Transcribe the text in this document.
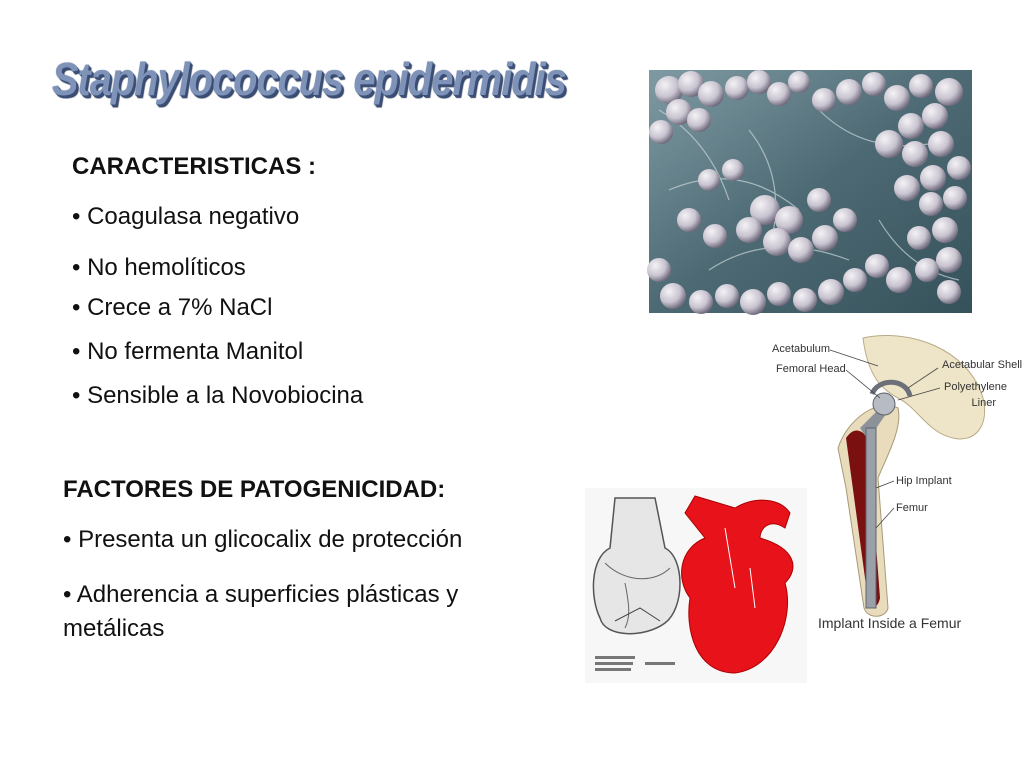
Staphylococcus epidermidis
CARACTERISTICAS :
• Coagulasa negativo
• No hemolíticos
• Crece a 7% NaCl
• No fermenta Manitol
• Sensible a la Novobiocina
FACTORES DE PATOGENICIDAD:
• Presenta un glicocalix de protección
• Adherencia a superficies plásticas y metálicas
Acetabulum
Femoral Head	Acetabular Shell
Polyethylene
Liner
Hip Implant
Femur
Implant Inside a Femur
